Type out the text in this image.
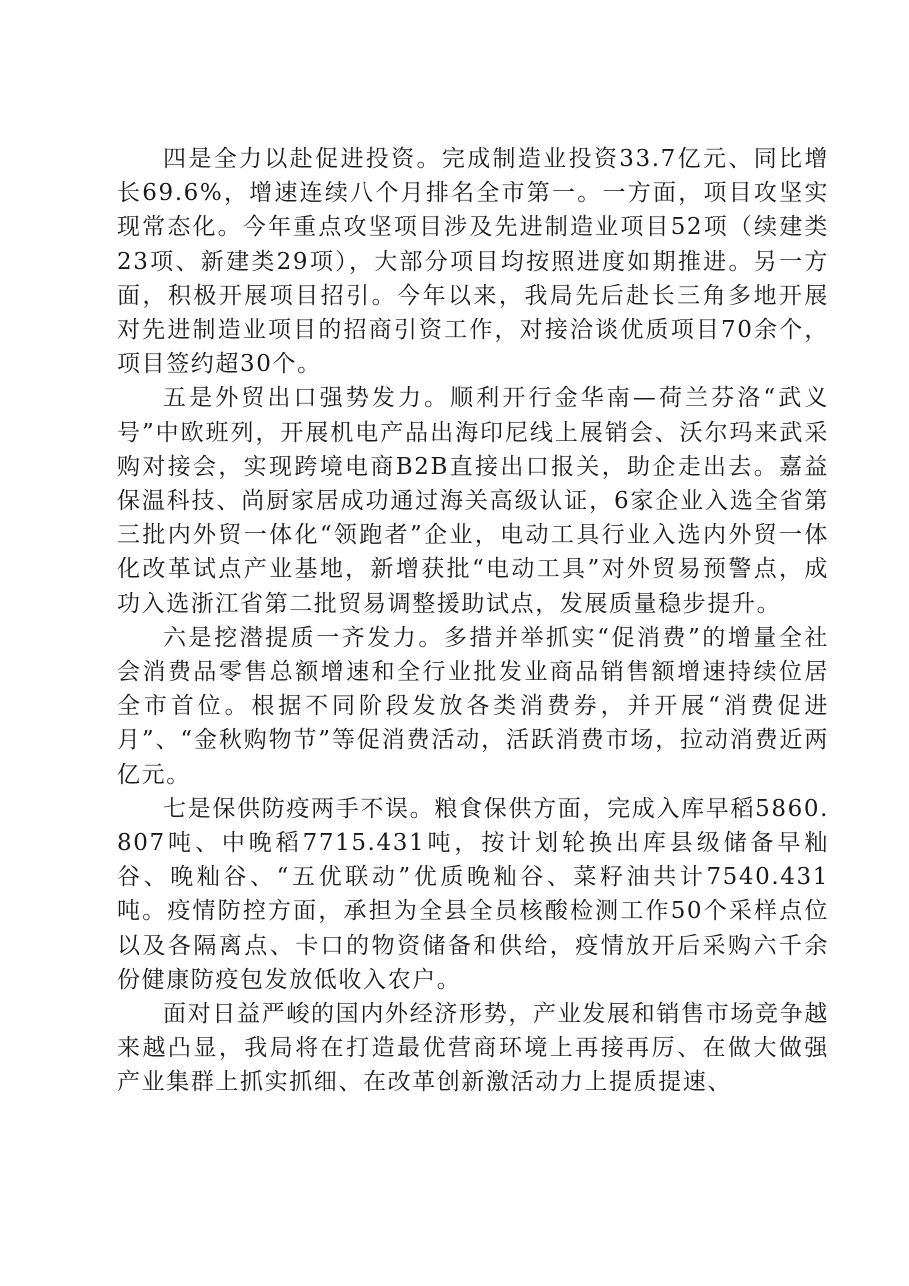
四是全力以赴促进投资。完成制造业投资33.7亿元、同比增长69.6%，增速连续八个月排名全市第一。一方面，项目攻坚实现常态化。今年重点攻坚项目涉及先进制造业项目52项（续建类23项、新建类29项），大部分项目均按照进度如期推进。另一方面，积极开展项目招引。今年以来，我局先后赴长三角多地开展对先进制造业项目的招商引资工作，对接洽谈优质项目70余个，项目签约超30个。

五是外贸出口强势发力。顺利开行金华南—荷兰芬洛“武义号”中欧班列，开展机电产品出海印尼线上展销会、沃尔玛来武采购对接会，实现跨境电商B2B直接出口报关，助企走出去。嘉益保温科技、尚厨家居成功通过海关高级认证，6家企业入选全省第三批内外贸一体化“领跑者”企业，电动工具行业入选内外贸一体化改革试点产业基地，新增获批“电动工具”对外贸易预警点，成功入选浙江省第二批贸易调整援助试点，发展质量稳步提升。

六是挖潜提质一齐发力。多措并举抓实“促消费”的增量全社会消费品零售总额增速和全行业批发业商品销售额增速持续位居全市首位。根据不同阶段发放各类消费券，并开展“消费促进月”、“金秋购物节”等促消费活动，活跃消费市场，拉动消费近两亿元。

七是保供防疫两手不误。粮食保供方面，完成入库早稻5860.807吨、中晚稻7715.431吨，按计划轮换出库县级储备早籼谷、晚籼谷、“五优联动”优质晚籼谷、菜籽油共计7540.431吨。疫情防控方面，承担为全县全员核酸检测工作50个采样点位以及各隔离点、卡口的物资储备和供给，疫情放开后采购六千余份健康防疫包发放低收入农户。

面对日益严峻的国内外经济形势，产业发展和销售市场竞争越来越凸显，我局将在打造最优营商环境上再接再厉、在做大做强产业集群上抓实抓细、在改革创新激活动力上提质提速、
